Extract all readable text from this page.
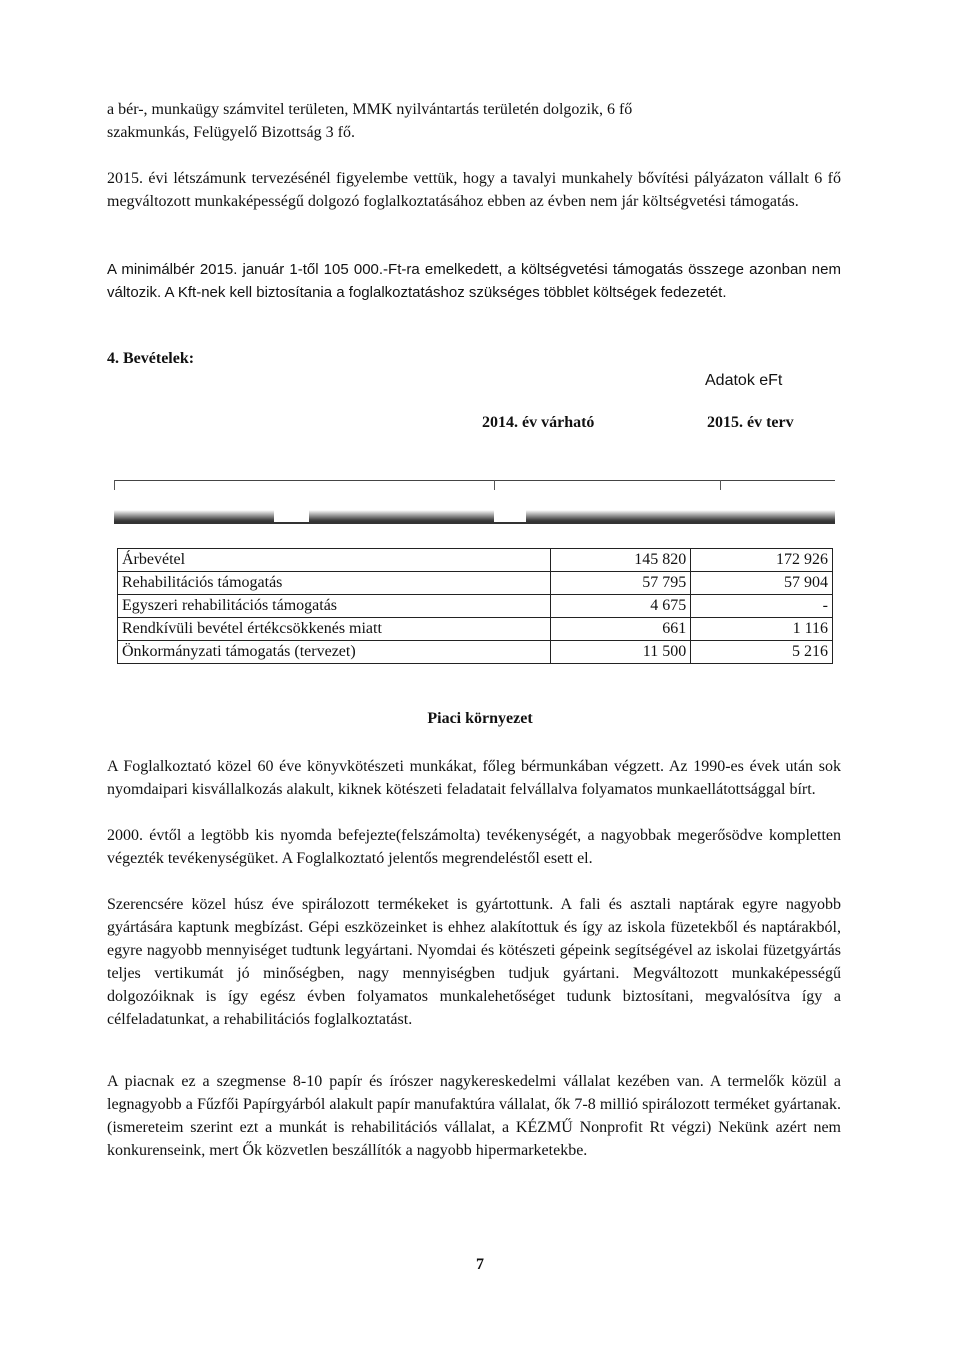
a bér-, munkaügy számvitel területen, MMK nyilvántartás területén dolgozik, 6 fő
szakmunkás, Felügyelő Bizottság 3 fő.

2015. évi létszámunk tervezésénél figyelembe vettük, hogy a tavalyi munkahely bővítési pályázaton vállalt 6 fő megváltozott munkaképességű dolgozó foglalkoztatásához ebben az évben nem jár költségvetési támogatás.

A minimálbér 2015. január 1-től 105 000.-Ft-ra emelkedett, a költségvetési támogatás összege azonban nem változik. A Kft-nek kell biztosítania a foglalkoztatáshoz szükséges többlet költségek fedezetét.

4. Bevételek:

Adatok eFt

2014. év várható	2015. év terv

Árbevétel	145 820	172 926
Rehabilitációs támogatás	57 795	57 904
Egyszeri rehabilitációs támogatás	4 675	-
Rendkívüli bevétel értékcsökkenés miatt	661	1 116
Önkormányzati támogatás (tervezet)	11 500	5 216

Piaci környezet

A Foglalkoztató közel 60 éve könyvkötészeti munkákat, főleg bérmunkában végzett. Az 1990-es évek után sok nyomdaipari kisvállalkozás alakult, kiknek kötészeti feladatait felvállalva folyamatos munkaellátottsággal bírt.

2000. évtől a legtöbb kis nyomda befejezte(felszámolta) tevékenységét, a nagyobbak megerősödve kompletten végezték tevékenységüket. A Foglalkoztató jelentős megrendeléstől esett el.

Szerencsére közel húsz éve spirálozott termékeket is gyártottunk. A fali és asztali naptárak egyre nagyobb gyártására kaptunk megbízást. Gépi eszközeinket is ehhez alakítottuk és így az iskola füzetekből és naptárakból, egyre nagyobb mennyiséget tudtunk legyártani. Nyomdai és kötészeti gépeink segítségével az iskolai füzetgyártás teljes vertikumát jó minőségben, nagy mennyiségben tudjuk gyártani. Megváltozott munkaképességű dolgozóiknak is így egész évben folyamatos munkalehetőséget tudunk biztosítani, megvalósítva így a célfeladatunkat, a rehabilitációs foglalkoztatást.

A piacnak ez a szegmense 8-10 papír és írószer nagykereskedelmi vállalat kezében van. A termelők közül a legnagyobb a Fűzfői Papírgyárból alakult papír manufaktúra vállalat, ők 7-8 millió spirálozott terméket gyártanak. (ismereteim szerint ezt a munkát is rehabilitációs vállalat, a KÉZMŰ Nonprofit Rt végzi) Nekünk azért nem konkurenseink, mert Ők közvetlen beszállítók a nagyobb hipermarketekbe.

7
